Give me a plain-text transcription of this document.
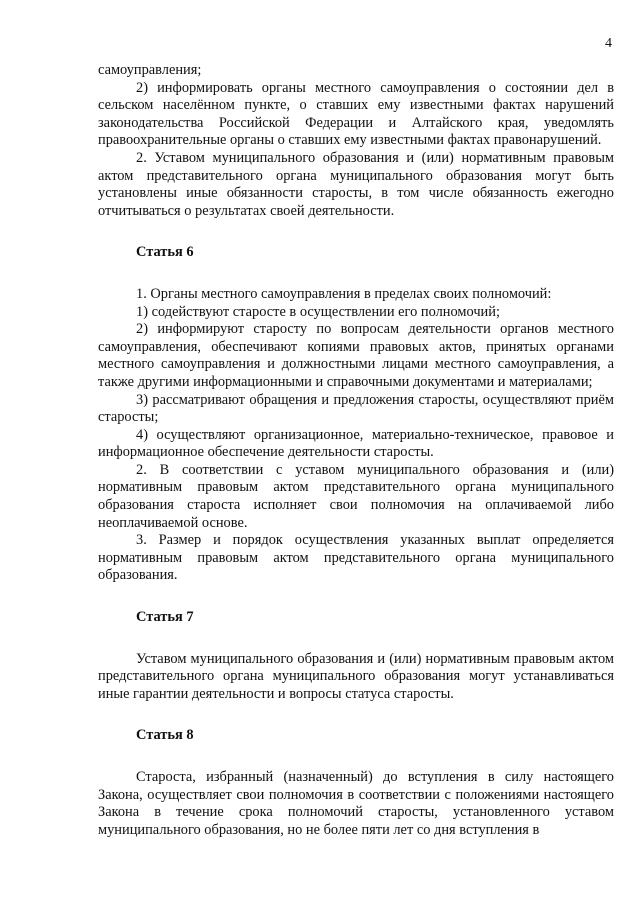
4

самоуправления;

2) информировать органы местного самоуправления о состоянии дел в сельском населённом пункте, о ставших ему известными фактах нарушений законодательства Российской Федерации и Алтайского края, уведомлять правоохранительные органы о ставших ему известными фактах правонарушений.

2. Уставом муниципального образования и (или) нормативным правовым актом представительного органа муниципального образования могут быть установлены иные обязанности старосты, в том числе обязанность ежегодно отчитываться о результатах своей деятельности.

Статья 6

1. Органы местного самоуправления в пределах своих полномочий:

1) содействуют старосте в осуществлении его полномочий;

2) информируют старосту по вопросам деятельности органов местного самоуправления, обеспечивают копиями правовых актов, принятых органами местного самоуправления и должностными лицами местного самоуправления, а также другими информационными и справочными документами и материалами;

3) рассматривают обращения и предложения старосты, осуществляют приём старосты;

4) осуществляют организационное, материально-техническое, правовое и информационное обеспечение деятельности старосты.

2. В соответствии с уставом муниципального образования и (или) нормативным правовым актом представительного органа муниципального образования староста исполняет свои полномочия на оплачиваемой либо неоплачиваемой основе.

3. Размер и порядок осуществления указанных выплат определяется нормативным правовым актом представительного органа муниципального образования.

Статья 7

Уставом муниципального образования и (или) нормативным правовым актом представительного органа муниципального образования могут устанавливаться иные гарантии деятельности и вопросы статуса старосты.

Статья 8

Староста, избранный (назначенный) до вступления в силу настоящего Закона, осуществляет свои полномочия в соответствии с положениями настоящего Закона в течение срока полномочий старосты, установленного уставом муниципального образования, но не более пяти лет со дня вступления в
